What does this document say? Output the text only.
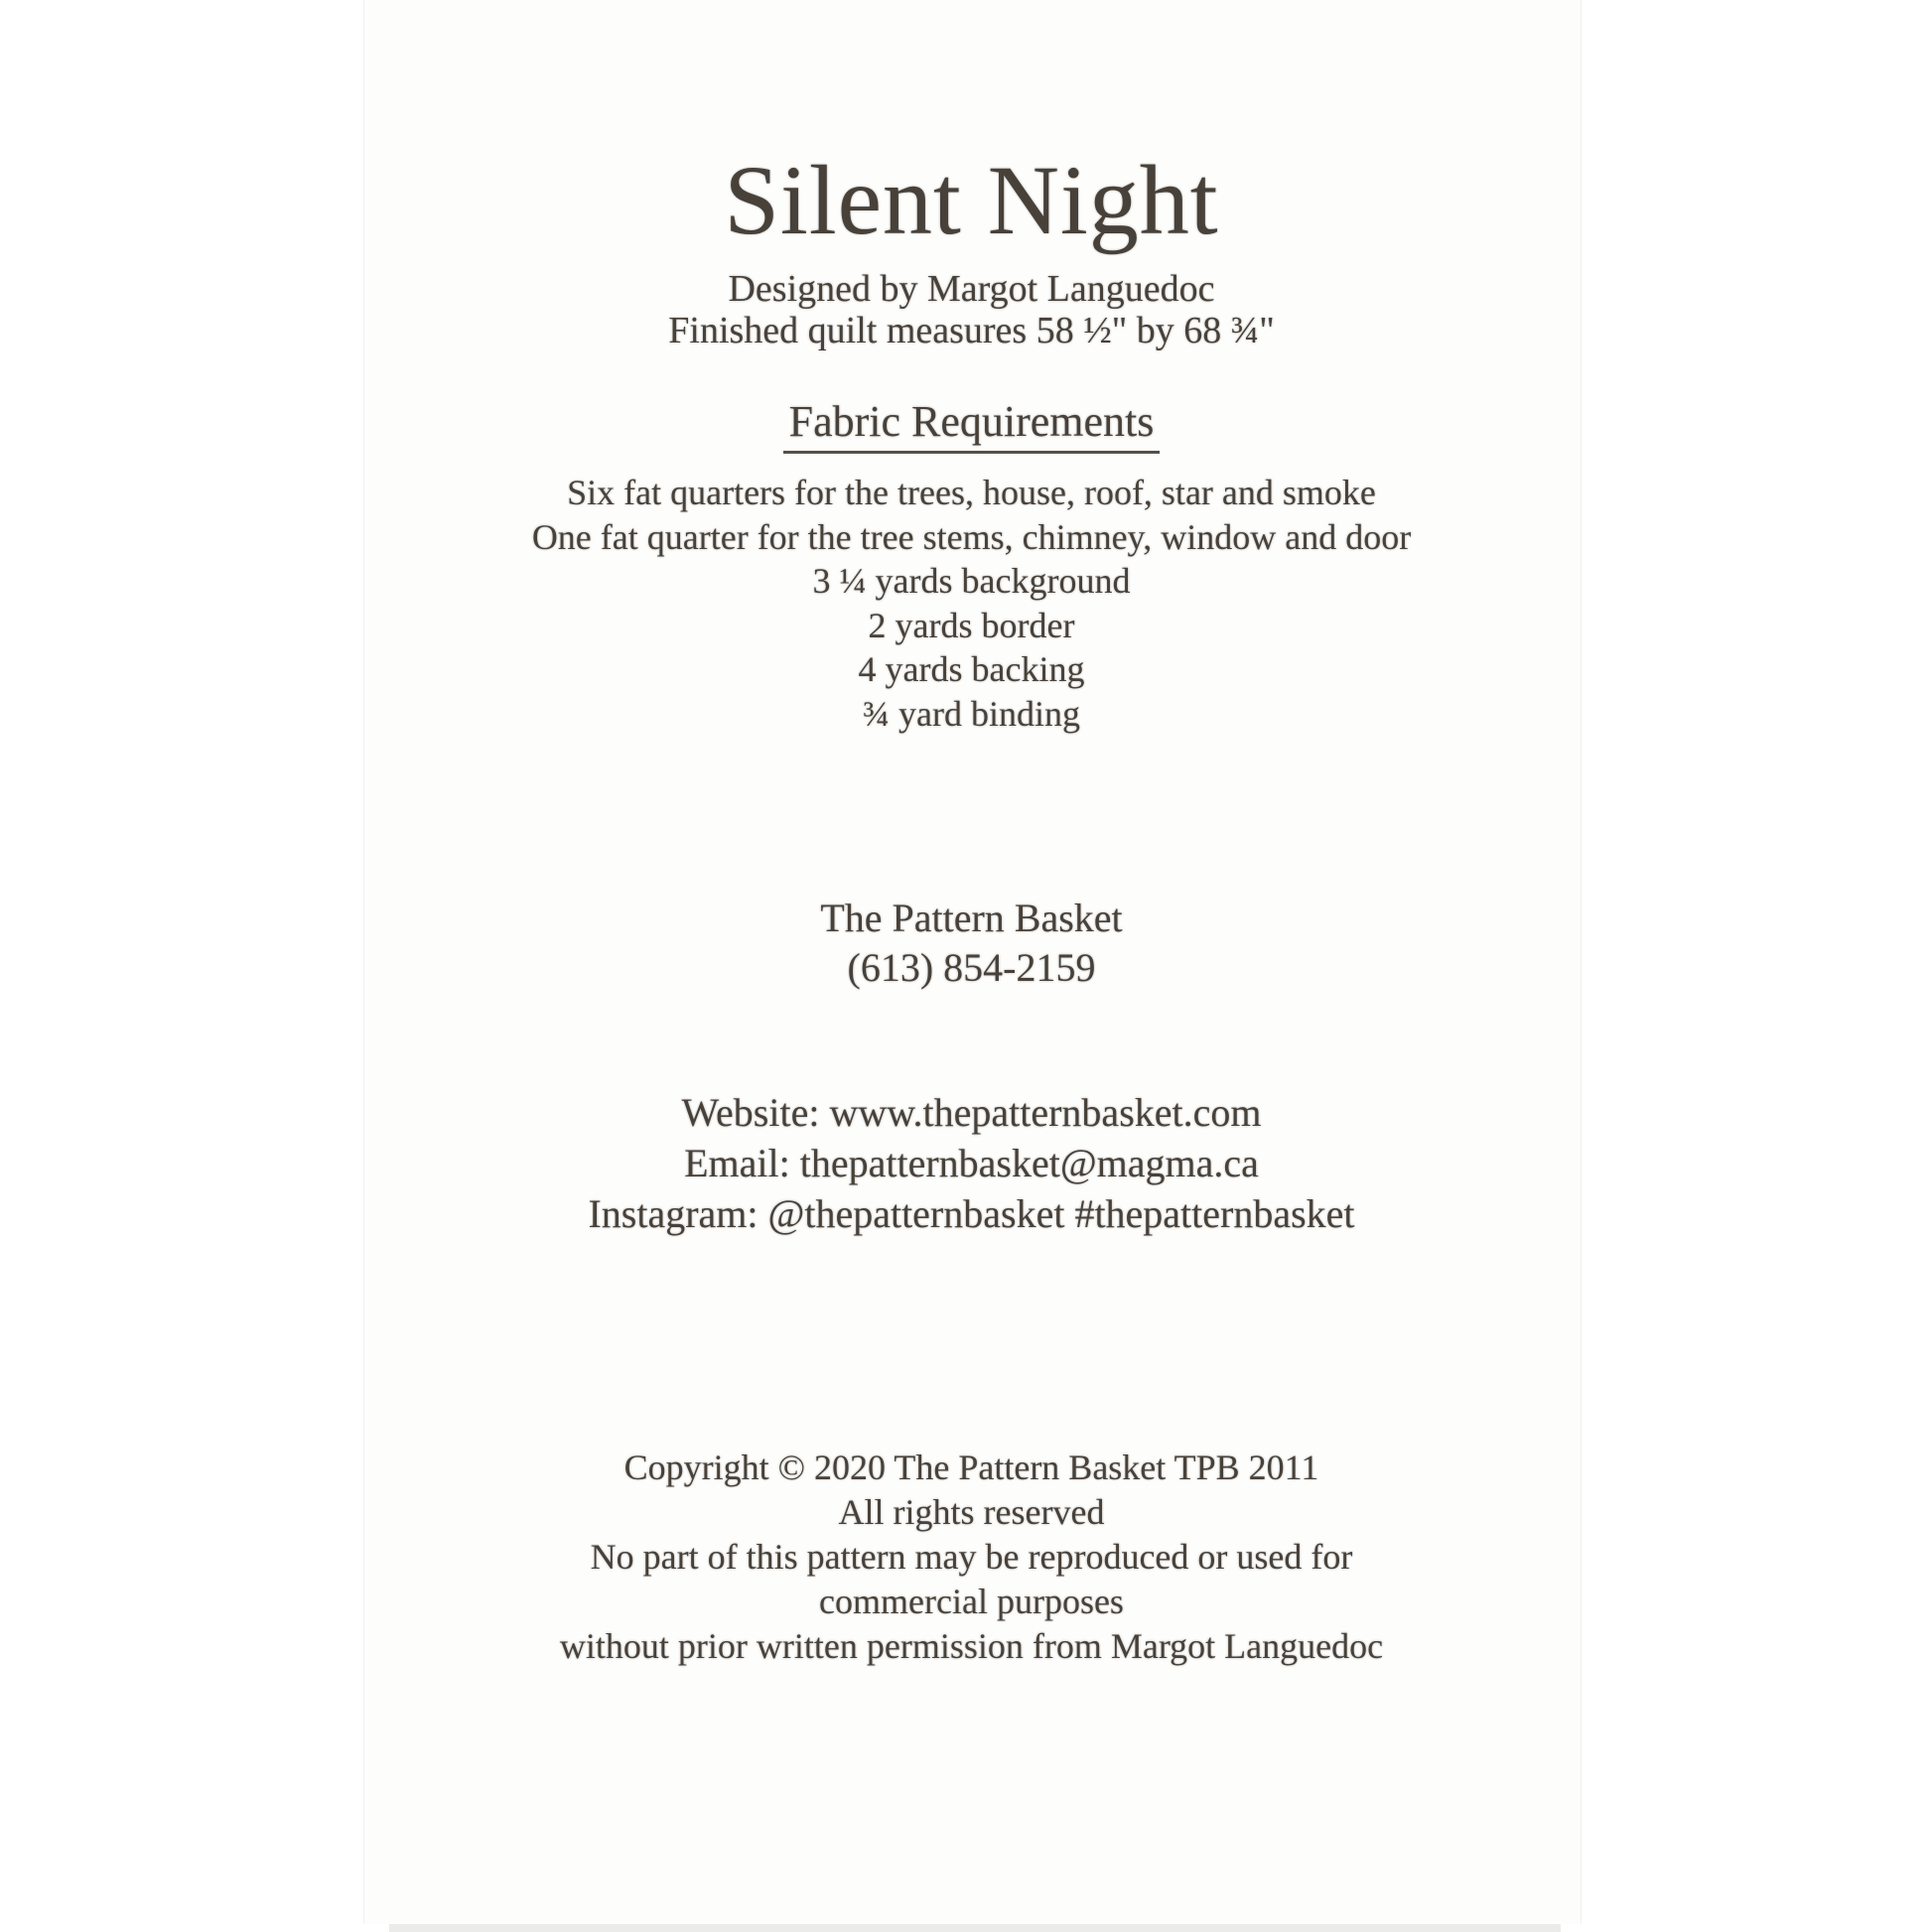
Silent Night
Designed by Margot Languedoc
Finished quilt measures 58 ½" by 68 ¾"
Fabric Requirements
Six fat quarters for the trees, house, roof, star and smoke
One fat quarter for the tree stems, chimney, window and door
3 ¼ yards background
2 yards border
4 yards backing
¾ yard binding
The Pattern Basket
(613) 854-2159
Website: www.thepatternbasket.com
Email: thepatternbasket@magma.ca
Instagram: @thepatternbasket #thepatternbasket
Copyright © 2020 The Pattern Basket TPB 2011
All rights reserved
No part of this pattern may be reproduced or used for
commercial purposes
without prior written permission from Margot Languedoc
